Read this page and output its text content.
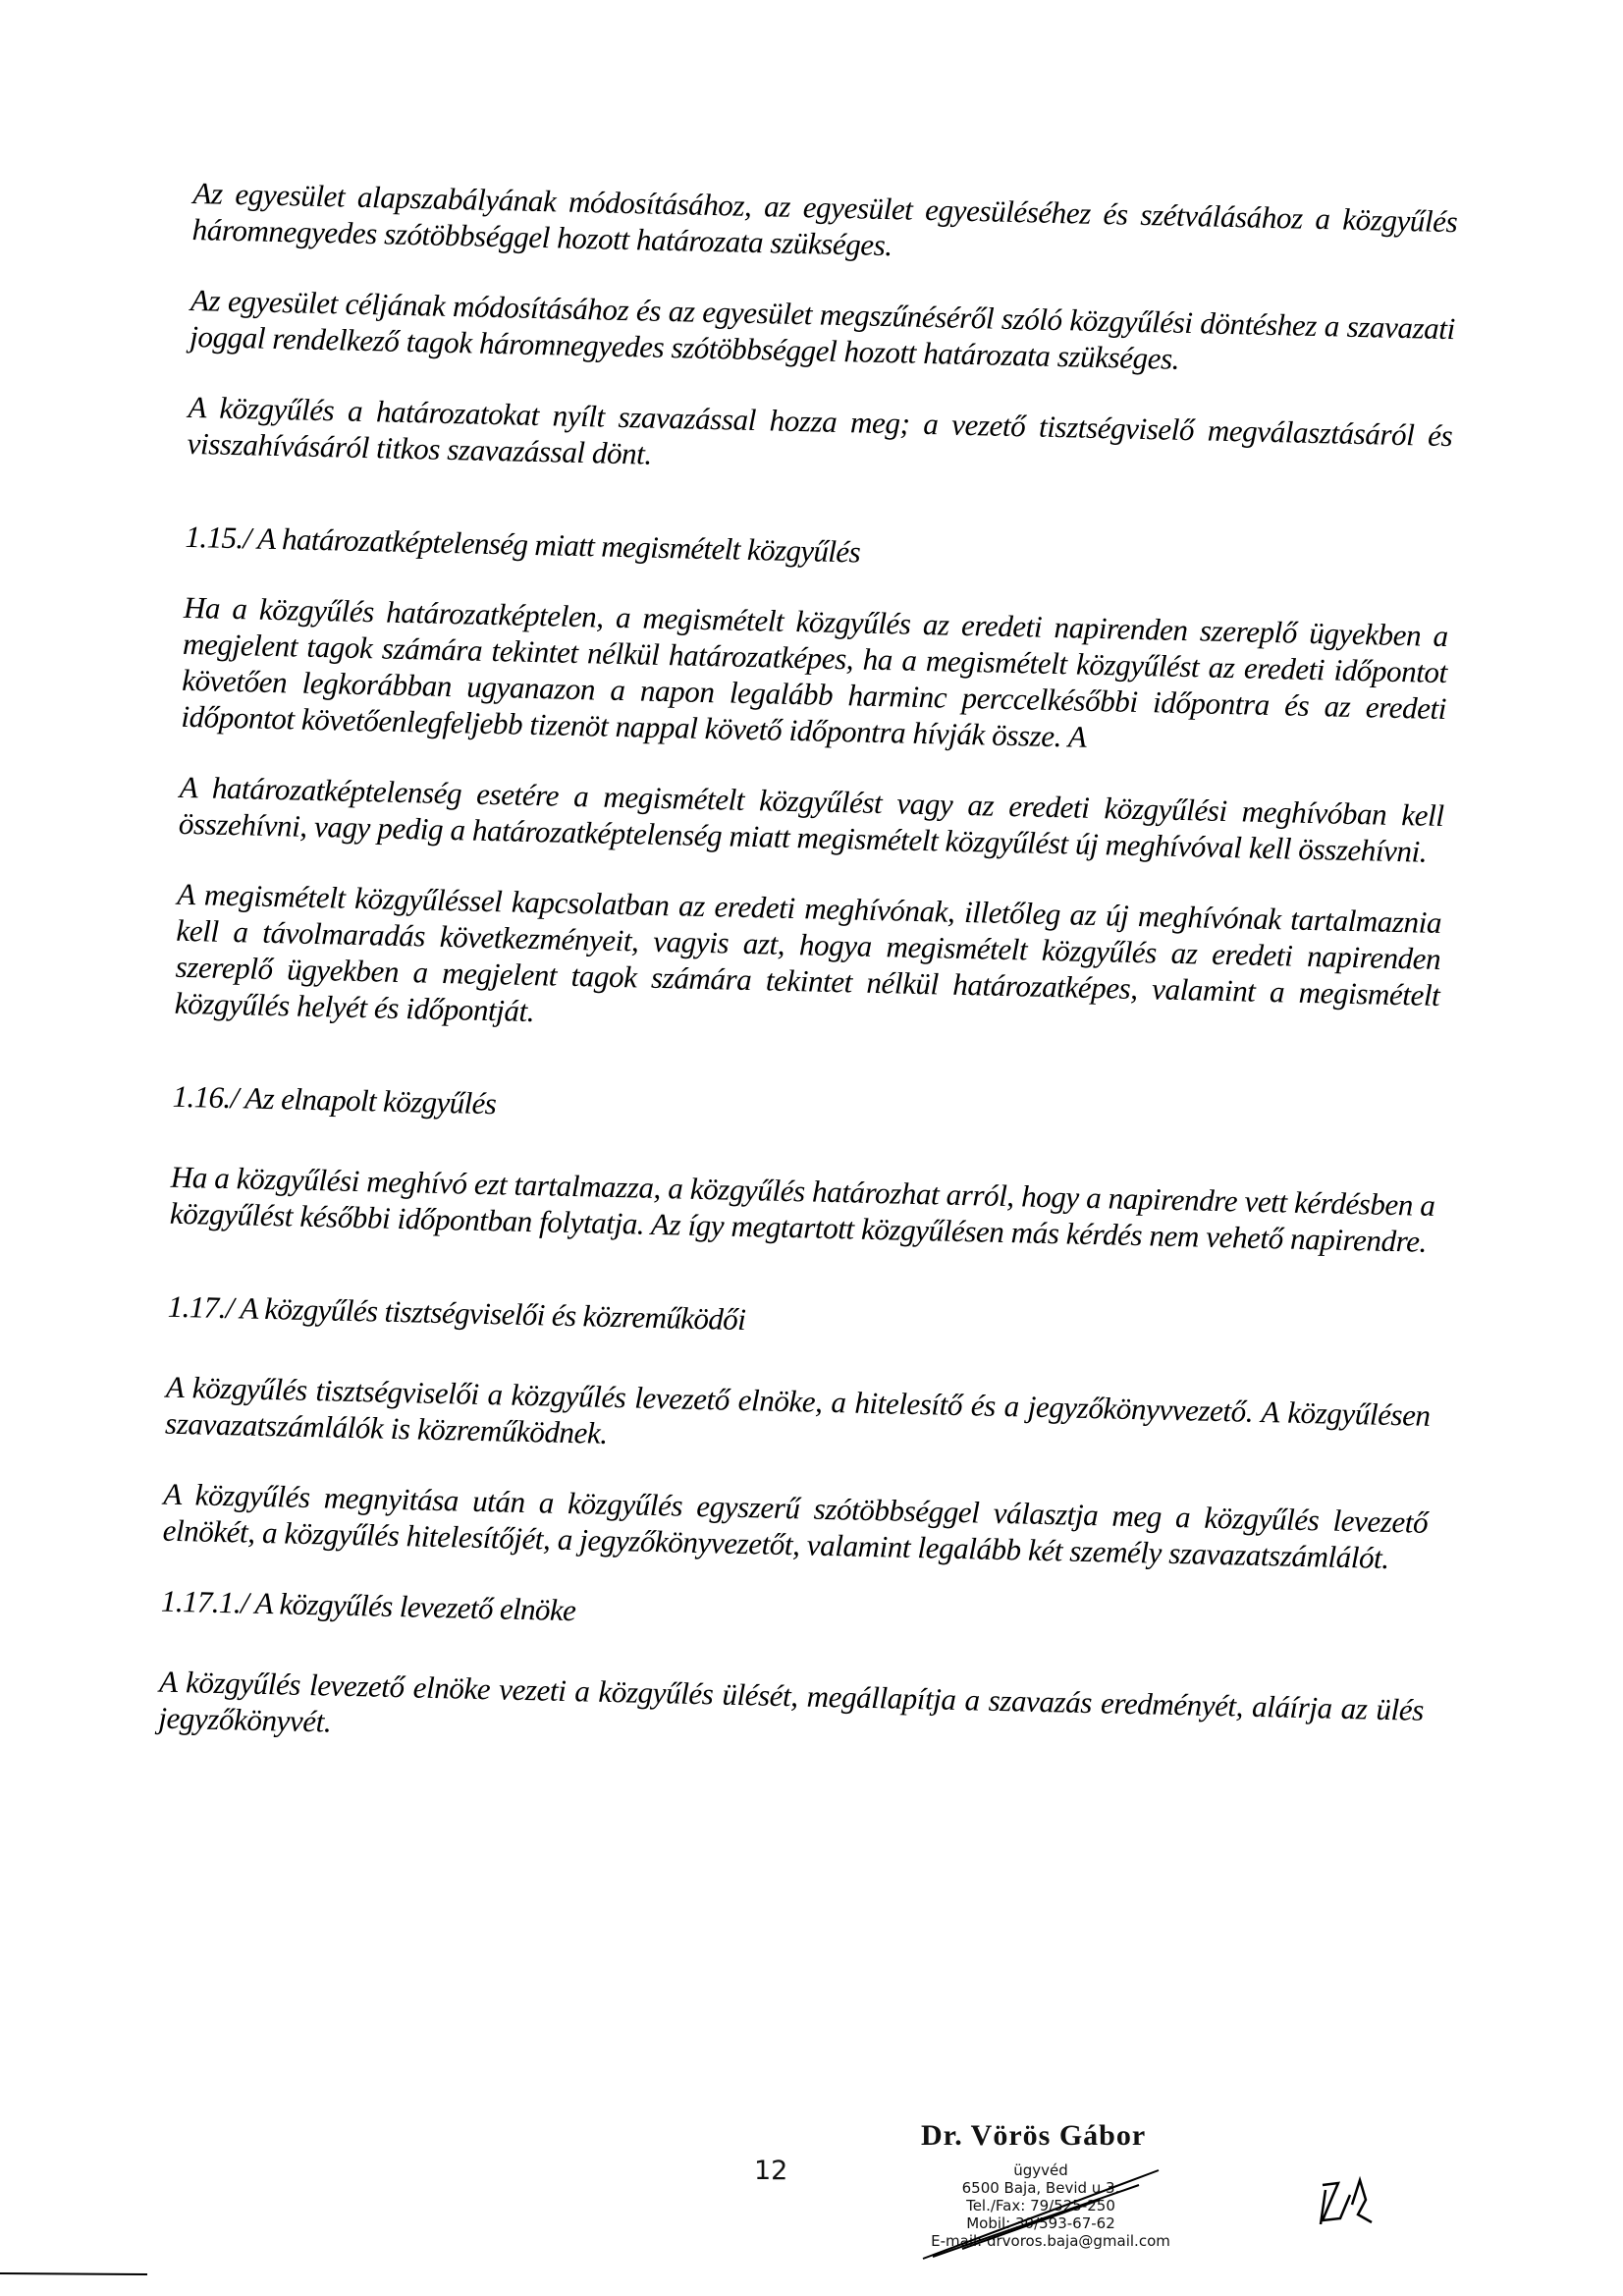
Az egyesület alapszabályának módosításához, az egyesület egyesüléséhez és szétválásához a közgyűlés háromnegyedes szótöbbséggel hozott határozata szükséges.

Az egyesület céljának módosításához és az egyesület megszűnéséről szóló közgyűlési döntéshez a szavazati joggal rendelkező tagok háromnegyedes szótöbbséggel hozott határozata szükséges.

A közgyűlés a határozatokat nyílt szavazással hozza meg; a vezető tisztségviselő megválasztásáról és visszahívásáról titkos szavazással dönt.

1.15./ A határozatképtelenség miatt megismételt közgyűlés

Ha a közgyűlés határozatképtelen, a megismételt közgyűlés az eredeti napirenden szereplő ügyekben a megjelent tagok számára tekintet nélkül határozatképes, ha a megismételt közgyűlést az eredeti időpontot követően legkorábban ugyanazon a napon legalább harminc perccelkésőbbi időpontra és az eredeti időpontot követőenlegfeljebb tizenöt nappal követő időpontra hívják össze. A

A határozatképtelenség esetére a megismételt közgyűlést vagy az eredeti közgyűlési meghívóban kell összehívni, vagy pedig a határozatképtelenség miatt megismételt közgyűlést új meghívóval kell összehívni.

A megismételt közgyűléssel kapcsolatban az eredeti meghívónak, illetőleg az új meghívónak tartalmaznia kell a távolmaradás következményeit, vagyis azt, hogya megismételt közgyűlés az eredeti napirenden szereplő ügyekben a megjelent tagok számára tekintet nélkül határozatképes, valamint a megismételt közgyűlés helyét és időpontját.

1.16./ Az elnapolt közgyűlés

Ha a közgyűlési meghívó ezt tartalmazza, a közgyűlés határozhat arról, hogy a napirendre vett kérdésben a közgyűlést későbbi időpontban folytatja. Az így megtartott közgyűlésen más kérdés nem vehető napirendre.

1.17./ A közgyűlés tisztségviselői és közreműködői

A közgyűlés tisztségviselői a közgyűlés levezető elnöke, a hitelesítő és a jegyzőkönyvvezető. A közgyűlésen szavazatszámlálók is közreműködnek.

A közgyűlés megnyitása után a közgyűlés egyszerű szótöbbséggel választja meg a közgyűlés levezető elnökét, a közgyűlés hitelesítőjét, a jegyzőkönyvezetőt, valamint legalább két személy szavazatszámlálót.

1.17.1./ A közgyűlés levezető elnöke

A közgyűlés levezető elnöke vezeti a közgyűlés ülését, megállapítja a szavazás eredményét, aláírja az ülés jegyzőkönyvét.

12
Dr. Vörös Gábor
ügyvéd
6500 Baja, Bevid u 3.
Tel./Fax: 79/525-250
Mobil: 30/593-67-62
E-mail: drvoros.baja@gmail.com
